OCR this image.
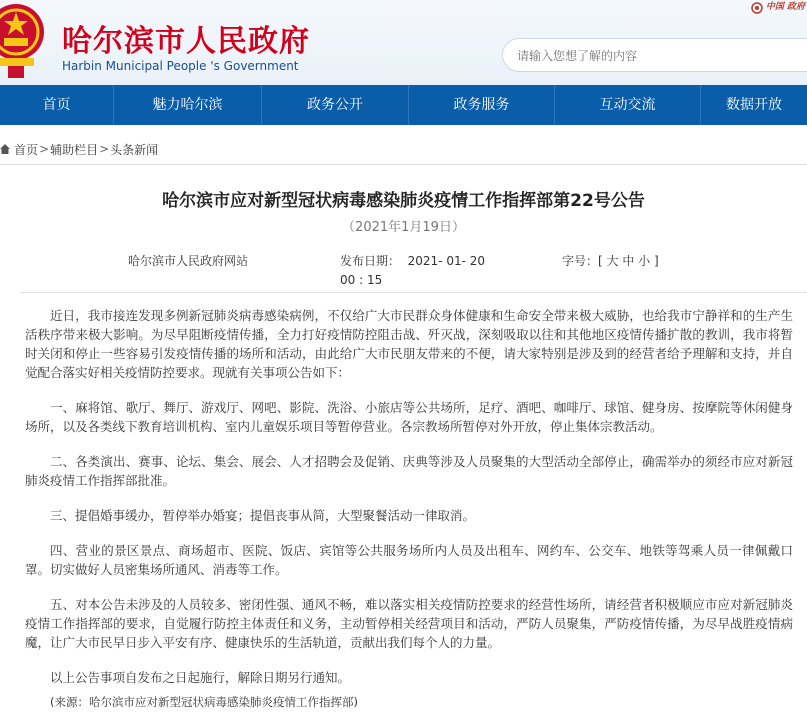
哈尔滨市人民政府
Harbin Municipal People 's Government
中国 政府
请输入您想了解的内容
首页	魅力哈尔滨	政务公开	政务服务	互动交流	数据开放
首页 > 辅助栏目 > 头条新闻
哈尔滨市应对新型冠状病毒感染肺炎疫情工作指挥部第22号公告
（2021年1月19日）
哈尔滨市人民政府网站	发布日期： 2021- 01- 20
00 : 15
字号：[ 大 中 小 ]

近日，我市接连发现多例新冠肺炎病毒感染病例，不仅给广大市民群众身体健康和生命安全带来极大威胁，也给我市宁静祥和的生产生活秩序带来极大影响。为尽早阻断疫情传播，全力打好疫情防控阻击战、歼灭战，深刻吸取以往和其他地区疫情传播扩散的教训，我市将暂时关闭和停止一些容易引发疫情传播的场所和活动，由此给广大市民朋友带来的不便，请大家特别是涉及到的经营者给予理解和支持，并自觉配合落实好相关疫情防控要求。现就有关事项公告如下：

一、麻将馆、歌厅、舞厅、游戏厅、网吧、影院、洗浴、小旅店等公共场所，足疗、酒吧、咖啡厅、球馆、健身房、按摩院等休闲健身场所，以及各类线下教育培训机构、室内儿童娱乐项目等暂停营业。各宗教场所暂停对外开放，停止集体宗教活动。

二、各类演出、赛事、论坛、集会、展会、人才招聘会及促销、庆典等涉及人员聚集的大型活动全部停止，确需举办的须经市应对新冠肺炎疫情工作指挥部批准。

三、提倡婚事缓办，暂停举办婚宴；提倡丧事从简，大型聚餐活动一律取消。

四、营业的景区景点、商场超市、医院、饭店、宾馆等公共服务场所内人员及出租车、网约车、公交车、地铁等驾乘人员一律佩戴口罩。切实做好人员密集场所通风、消毒等工作。

五、对本公告未涉及的人员较多、密闭性强、通风不畅，难以落实相关疫情防控要求的经营性场所，请经营者积极顺应市应对新冠肺炎疫情工作指挥部的要求，自觉履行防控主体责任和义务，主动暂停相关经营项目和活动，严防人员聚集，严防疫情传播，为尽早战胜疫情病魔，让广大市民早日步入平安有序、健康快乐的生活轨道，贡献出我们每个人的力量。

以上公告事项自发布之日起施行，解除日期另行通知。

(来源：哈尔滨市应对新型冠状病毒感染肺炎疫情工作指挥部)
